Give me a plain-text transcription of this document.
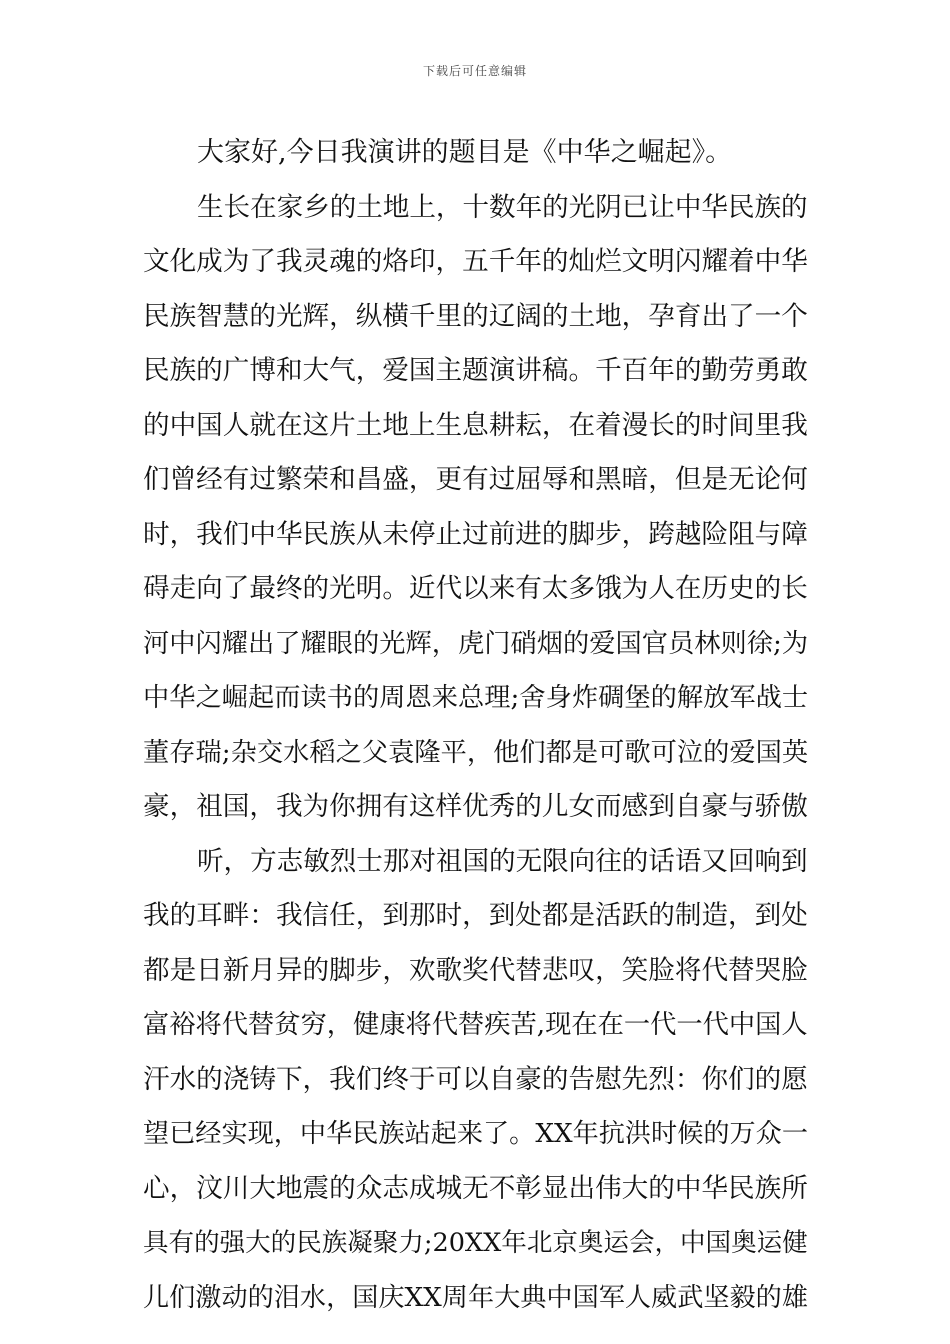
下载后可任意编辑
大家好,今日我演讲的题目是《中华之崛起》。
生长在家乡的土地上，十数年的光阴已让中华民族的
文化成为了我灵魂的烙印，五千年的灿烂文明闪耀着中华
民族智慧的光辉，纵横千里的辽阔的土地，孕育出了一个
民族的广博和大气，爱国主题演讲稿。千百年的勤劳勇敢
的中国人就在这片土地上生息耕耘，在着漫长的时间里我
们曾经有过繁荣和昌盛，更有过屈辱和黑暗，但是无论何
时，我们中华民族从未停止过前进的脚步，跨越险阻与障
碍走向了最终的光明。近代以来有太多饿为人在历史的长
河中闪耀出了耀眼的光辉，虎门硝烟的爱国官员林则徐;为
中华之崛起而读书的周恩来总理;舍身炸碉堡的解放军战士
董存瑞;杂交水稻之父袁隆平，他们都是可歌可泣的爱国英
豪，祖国，我为你拥有这样优秀的儿女而感到自豪与骄傲
听，方志敏烈士那对祖国的无限向往的话语又回响到
我的耳畔：我信任，到那时，到处都是活跃的制造，到处
都是日新月异的脚步，欢歌奖代替悲叹，笑脸将代替哭脸
富裕将代替贫穷，健康将代替疾苦,现在在一代一代中国人
汗水的浇铸下，我们终于可以自豪的告慰先烈：你们的愿
望已经实现，中华民族站起来了。XX年抗洪时候的万众一
心，汶川大地震的众志成城无不彰显出伟大的中华民族所
具有的强大的民族凝聚力;20XX年北京奥运会，中国奥运健
儿们激动的泪水，国庆XX周年大典中国军人威武坚毅的雄
